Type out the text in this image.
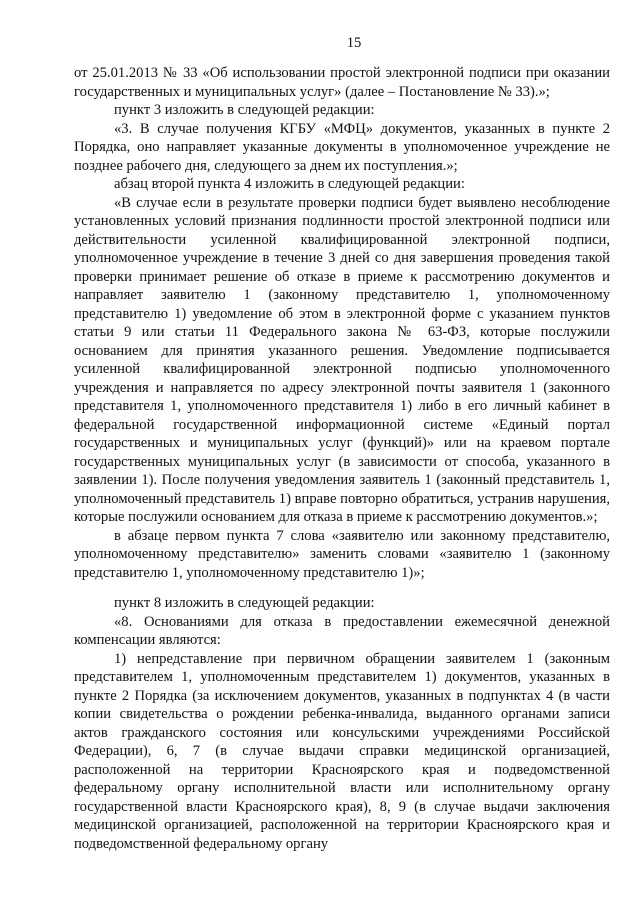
15

от 25.01.2013 № 33 «Об использовании простой электронной подписи при оказании государственных и муниципальных услуг» (далее – Постановление № 33).»;

пункт 3 изложить в следующей редакции:

«3. В случае получения КГБУ «МФЦ» документов, указанных в пункте 2 Порядка, оно направляет указанные документы в уполномоченное учреждение не позднее рабочего дня, следующего за днем их поступления.»;

абзац второй пункта 4 изложить в следующей редакции:

«В случае если в результате проверки подписи будет выявлено несоблюдение установленных условий признания подлинности простой электронной подписи или действительности усиленной квалифицированной электронной подписи, уполномоченное учреждение в течение 3 дней со дня завершения проведения такой проверки принимает решение об отказе в приеме к рассмотрению документов и направляет заявителю 1 (законному представителю 1, уполномоченному представителю 1) уведомление об этом в электронной форме с указанием пунктов статьи 9 или статьи 11 Федерального закона № 63-ФЗ, которые послужили основанием для принятия указанного решения. Уведомление подписывается усиленной квалифицированной электронной подписью уполномоченного учреждения и направляется по адресу электронной почты заявителя 1 (законного представителя 1, уполномоченного представителя 1) либо в его личный кабинет в федеральной государственной информационной системе «Единый портал государственных и муниципальных услуг (функций)» или на краевом портале государственных муниципальных услуг (в зависимости от способа, указанного в заявлении 1). После получения уведомления заявитель 1 (законный представитель 1, уполномоченный представитель 1) вправе повторно обратиться, устранив нарушения, которые послужили основанием для отказа в приеме к рассмотрению документов.»;

в абзаце первом пункта 7 слова «заявителю или законному представителю, уполномоченному представителю» заменить словами «заявителю 1 (законному представителю 1, уполномоченному представителю 1)»;

пункт 8 изложить в следующей редакции:

«8. Основаниями для отказа в предоставлении ежемесячной денежной компенсации являются:

1) непредставление при первичном обращении заявителем 1 (законным представителем 1, уполномоченным представителем 1) документов, указанных в пункте 2 Порядка (за исключением документов, указанных в подпунктах 4 (в части копии свидетельства о рождении ребенка-инвалида, выданного органами записи актов гражданского состояния или консульскими учреждениями Российской Федерации), 6, 7 (в случае выдачи справки медицинской организацией, расположенной на территории Красноярского края и подведомственной федеральному органу исполнительной власти или исполнительному органу государственной власти Красноярского края), 8, 9 (в случае выдачи заключения медицинской организацией, расположенной на территории Красноярского края и подведомственной федеральному органу
